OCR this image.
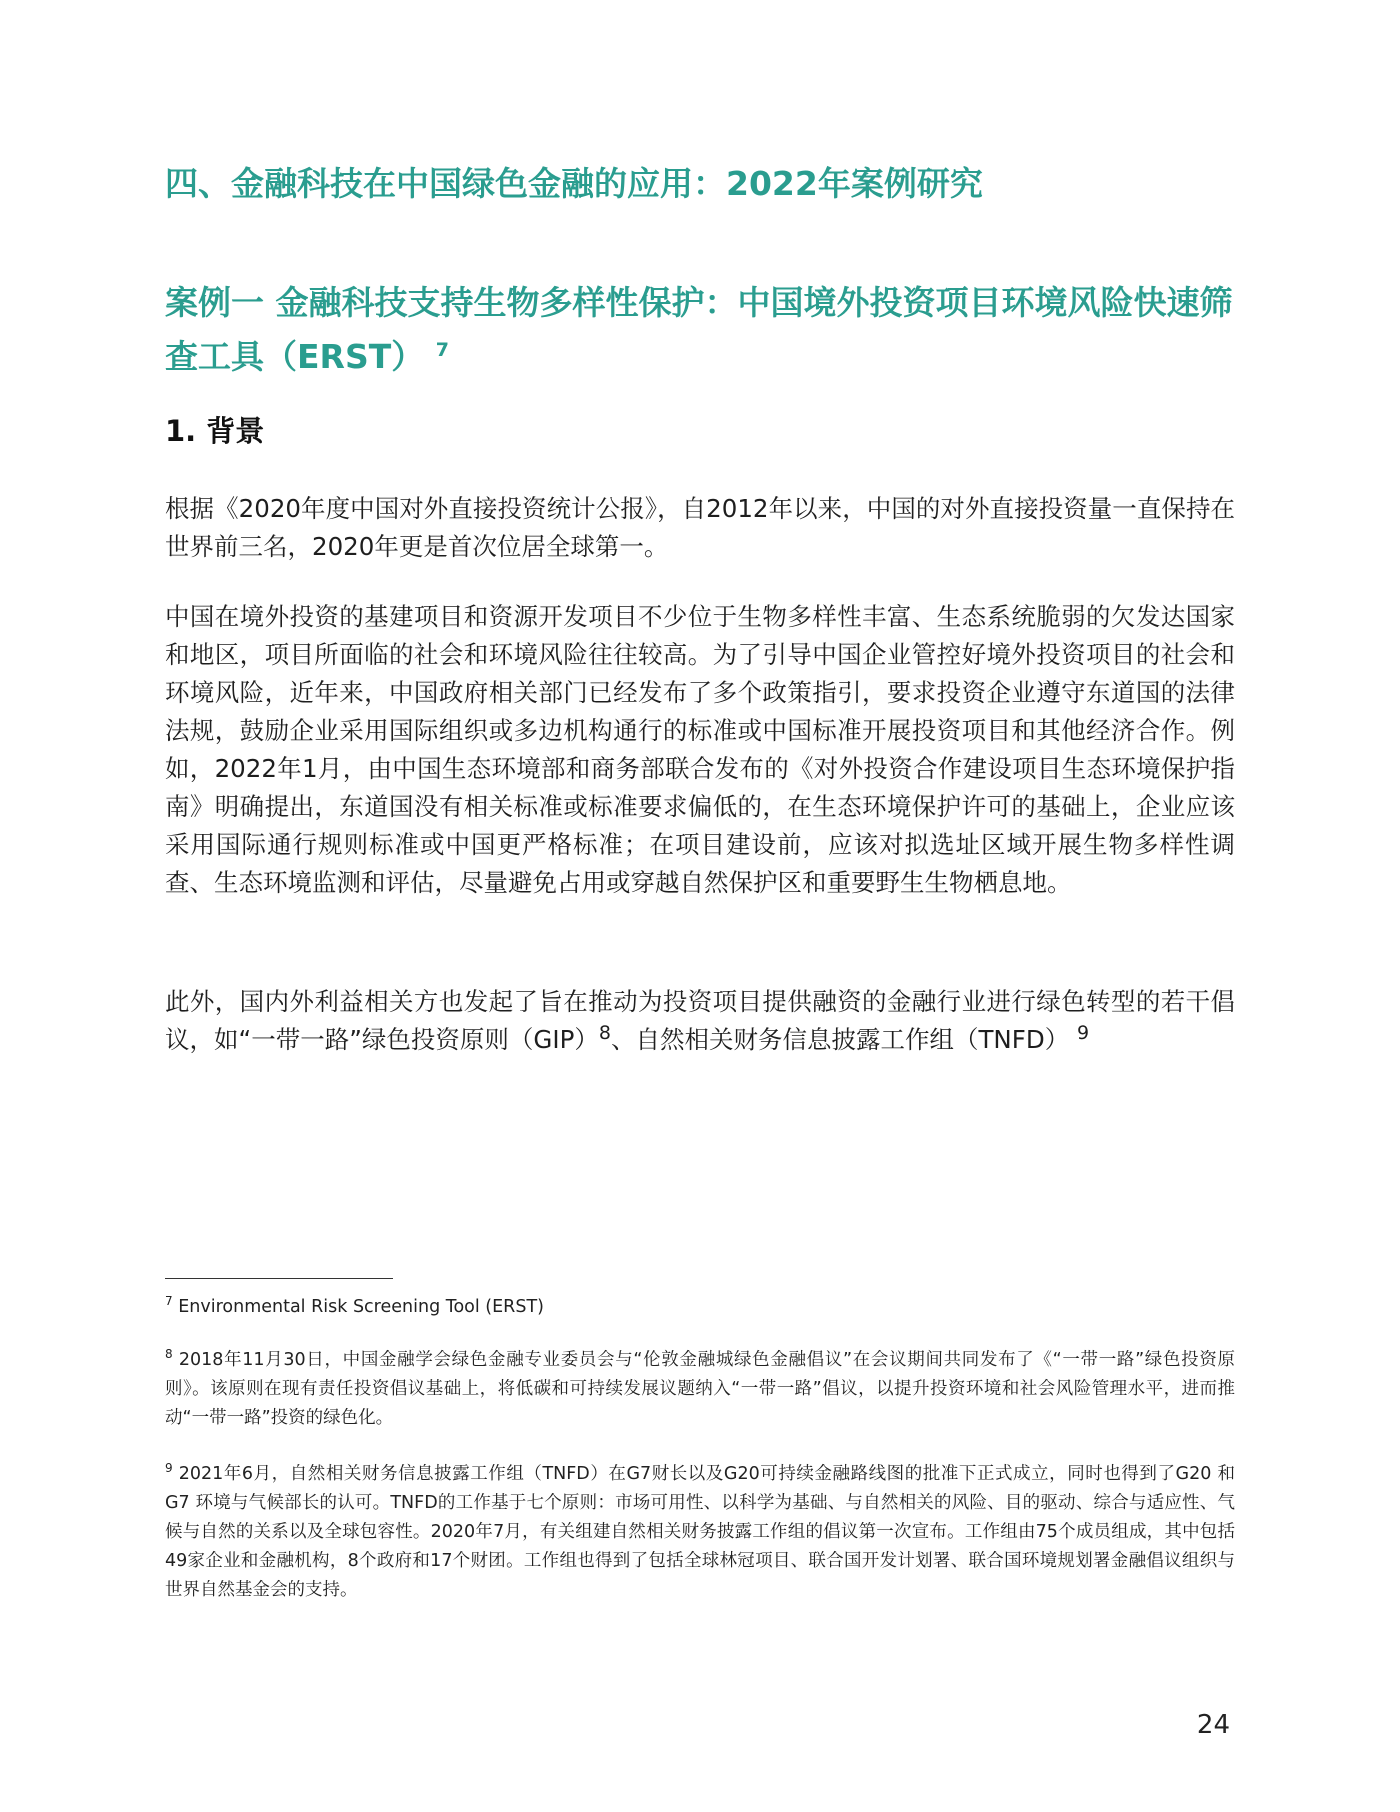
四、金融科技在中国绿色金融的应用：2022年案例研究
案例一 金融科技支持生物多样性保护：中国境外投资项目环境风险快速筛查工具（ERST） $^7$
1. 背景

根据《2020年度中国对外直接投资统计公报》，自2012年以来，中国的对外直接投资量一直保持在世界前三名，2020年更是首次位居全球第一。

中国在境外投资的基建项目和资源开发项目不少位于生物多样性丰富、生态系统脆弱的欠发达国家和地区，项目所面临的社会和环境风险往往较高。为了引导中国企业管控好境外投资项目的社会和环境风险，近年来，中国政府相关部门已经发布了多个政策指引，要求投资企业遵守东道国的法律法规，鼓励企业采用国际组织或多边机构通行的标准或中国标准开展投资项目和其他经济合作。例如，2022年1月，由中国生态环境部和商务部联合发布的《对外投资合作建设项目生态环境保护指南》明确提出，东道国没有相关标准或标准要求偏低的，在生态环境保护许可的基础上，企业应该采用国际通行规则标准或中国更严格标准；在项目建设前，应该对拟选址区域开展生物多样性调查、生态环境监测和评估，尽量避免占用或穿越自然保护区和重要野生生物栖息地。

此外，国内外利益相关方也发起了旨在推动为投资项目提供融资的金融行业进行绿色转型的若干倡议，如“一带一路”绿色投资原则（GIP）$^8$、自然相关财务信息披露工作组（TNFD） $^9$

$^7$ Environmental Risk Screening Tool (ERST)

$^8$ 2018年11月30日，中国金融学会绿色金融专业委员会与“伦敦金融城绿色金融倡议”在会议期间共同发布了《“一带一路”绿色投资原则》。该原则在现有责任投资倡议基础上，将低碳和可持续发展议题纳入“一带一路”倡议，以提升投资环境和社会风险管理水平，进而推动“一带一路”投资的绿色化。

$^9$ 2021年6月，自然相关财务信息披露工作组（TNFD）在G7财长以及G20可持续金融路线图的批准下正式成立，同时也得到了G20 和 G7 环境与气候部长的认可。TNFD的工作基于七个原则：市场可用性、以科学为基础、与自然相关的风险、目的驱动、综合与适应性、气候与自然的关系以及全球包容性。2020年7月，有关组建自然相关财务披露工作组的倡议第一次宣布。工作组由75个成员组成，其中包括49家企业和金融机构，8个政府和17个财团。工作组也得到了包括全球林冠项目、联合国开发计划署、联合国环境规划署金融倡议组织与世界自然基金会的支持。

24
